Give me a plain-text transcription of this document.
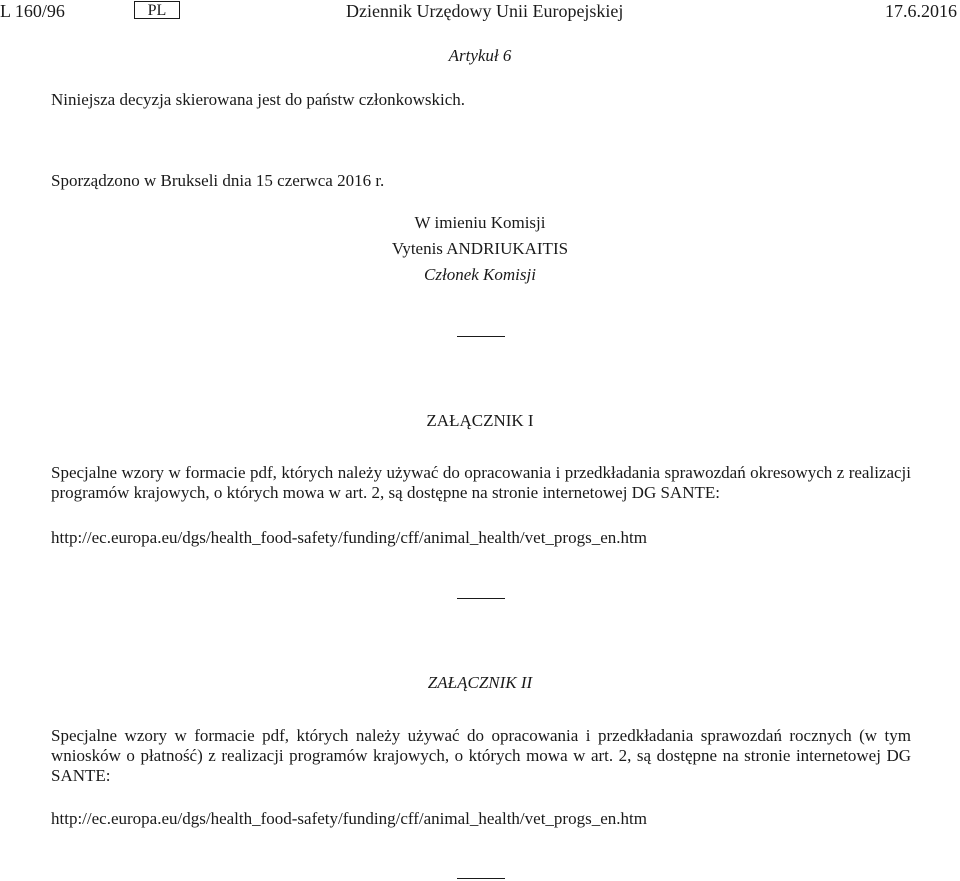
L 160/96	PL	Dziennik Urzędowy Unii Europejskiej	17.6.2016
Artykuł 6
Niniejsza decyzja skierowana jest do państw członkowskich.
Sporządzono w Brukseli dnia 15 czerwca 2016 r.
W imieniu Komisji
Vytenis ANDRIUKAITIS
Członek Komisji
ZAŁĄCZNIK I
Specjalne wzory w formacie pdf, których należy używać do opracowania i przedkładania sprawozdań okresowych z realizacji programów krajowych, o których mowa w art. 2, są dostępne na stronie internetowej DG SANTE:
http://ec.europa.eu/dgs/health_food-safety/funding/cff/animal_health/vet_progs_en.htm
ZAŁĄCZNIK II
Specjalne wzory w formacie pdf, których należy używać do opracowania i przedkładania sprawozdań rocznych (w tym wniosków o płatność) z realizacji programów krajowych, o których mowa w art. 2, są dostępne na stronie internetowej DG SANTE:
http://ec.europa.eu/dgs/health_food-safety/funding/cff/animal_health/vet_progs_en.htm
